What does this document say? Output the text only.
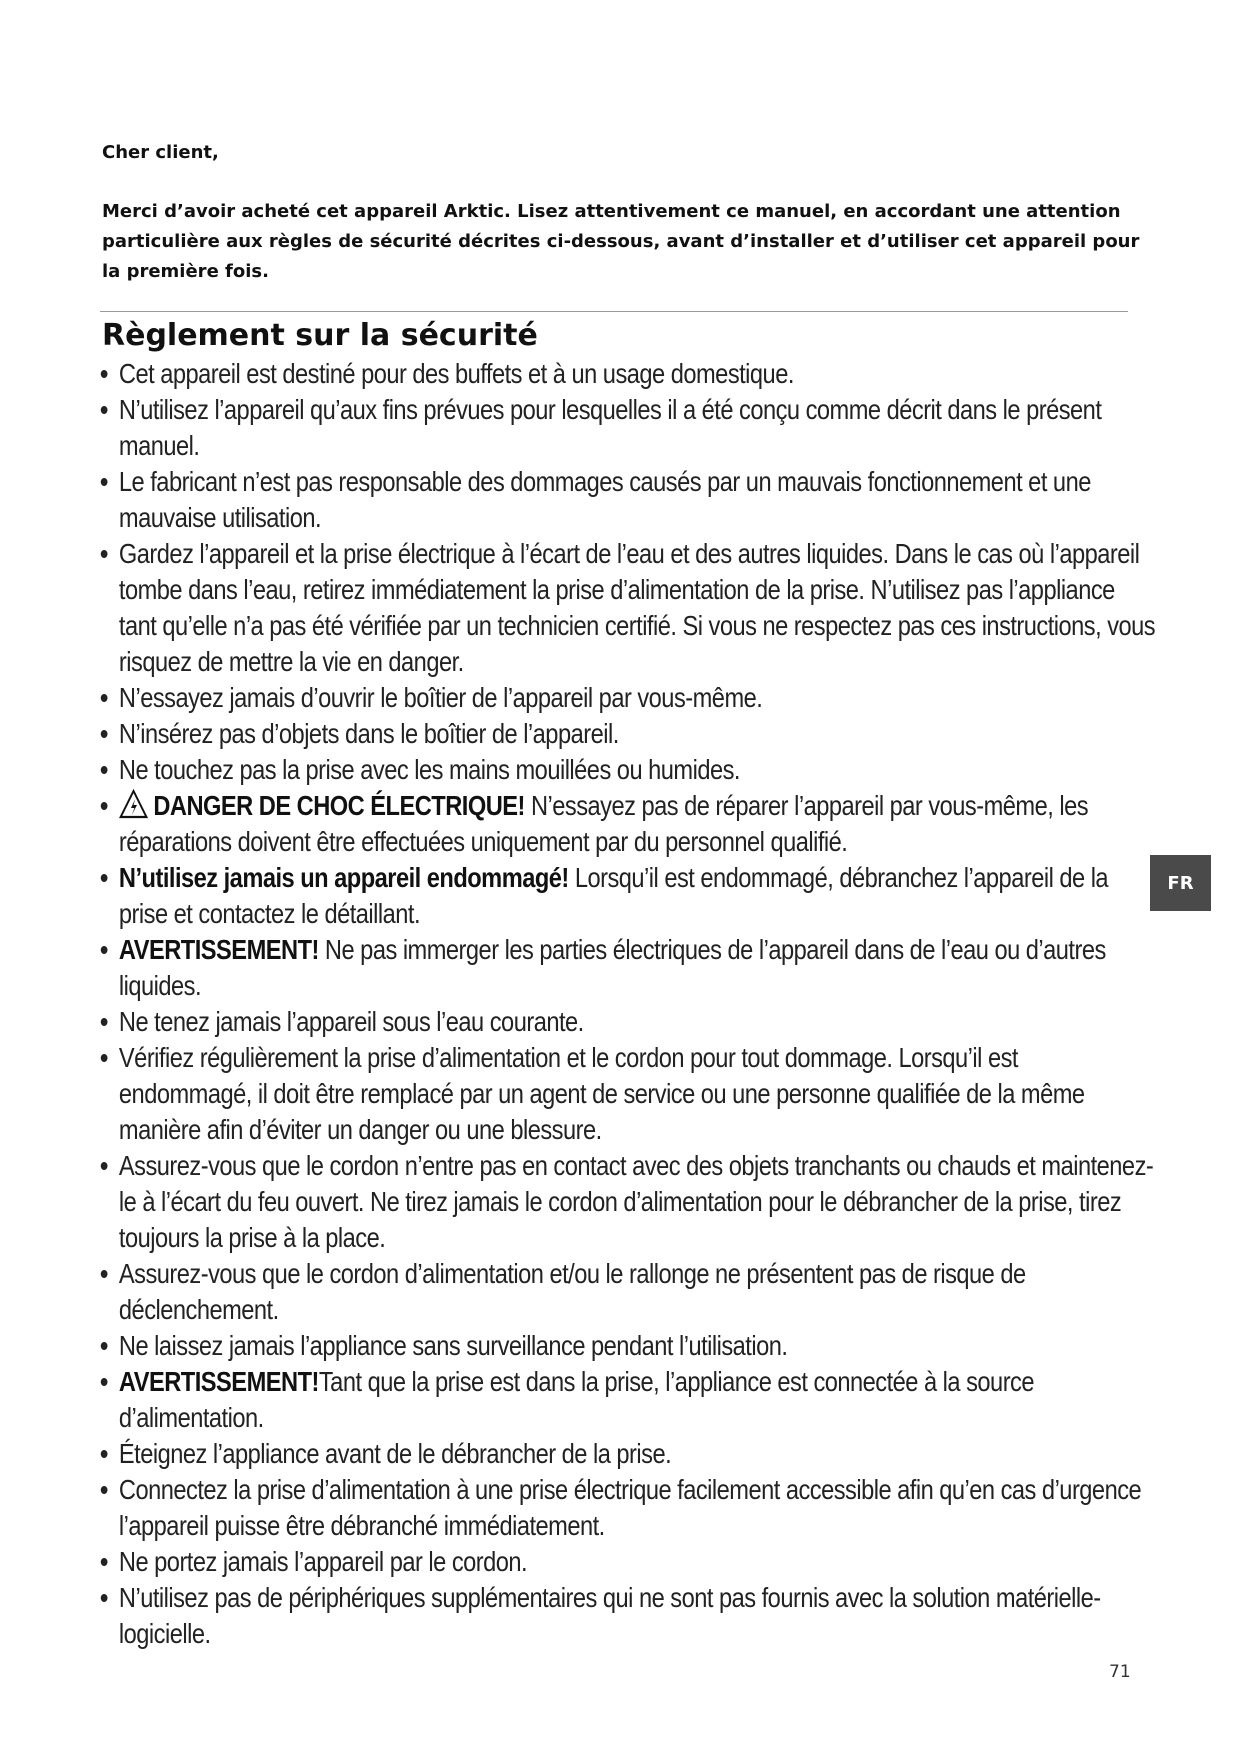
Cher client,
Merci d’avoir acheté cet appareil Arktic. Lisez attentivement ce manuel, en accordant une attention particulière aux règles de sécurité décrites ci-dessous, avant d’installer et d’utiliser cet appareil pour la première fois.
Règlement sur la sécurité
• Cet appareil est destiné pour des buffets et à un usage domestique.
• N’utilisez l’appareil qu’aux fins prévues pour lesquelles il a été conçu comme décrit dans le présent manuel.
• Le fabricant n’est pas responsable des dommages causés par un mauvais fonctionnement et une mauvaise utilisation.
• Gardez l’appareil et la prise électrique à l’écart de l’eau et des autres liquides. Dans le cas où l’appareil tombe dans l’eau, retirez immédiatement la prise d’alimentation de la prise. N’utilisez pas l’appliance tant qu’elle n’a pas été vérifiée par un technicien certifié. Si vous ne respectez pas ces instructions, vous risquez de mettre la vie en danger.
• N’essayez jamais d’ouvrir le boîtier de l’appareil par vous-même.
• N’insérez pas d’objets dans le boîtier de l’appareil.
• Ne touchez pas la prise avec les mains mouillées ou humides.
• DANGER DE CHOC ÉLECTRIQUE! N’essayez pas de réparer l’appareil par vous-même, les réparations doivent être effectuées uniquement par du personnel qualifié.
• N’utilisez jamais un appareil endommagé! Lorsqu’il est endommagé, débranchez l’appareil de la prise et contactez le détaillant.
• AVERTISSEMENT! Ne pas immerger les parties électriques de l’appareil dans de l’eau ou d’autres liquides.
• Ne tenez jamais l’appareil sous l’eau courante.
• Vérifiez régulièrement la prise d’alimentation et le cordon pour tout dommage. Lorsqu’il est endommagé, il doit être remplacé par un agent de service ou une personne qualifiée de la même manière afin d’éviter un danger ou une blessure.
• Assurez-vous que le cordon n’entre pas en contact avec des objets tranchants ou chauds et maintenez-le à l’écart du feu ouvert. Ne tirez jamais le cordon d’alimentation pour le débrancher de la prise, tirez toujours la prise à la place.
• Assurez-vous que le cordon d’alimentation et/ou le rallonge ne présentent pas de risque de déclenchement.
• Ne laissez jamais l’appliance sans surveillance pendant l’utilisation.
• AVERTISSEMENT!Tant que la prise est dans la prise, l’appliance est connectée à la source d’alimentation.
• Éteignez l’appliance avant de le débrancher de la prise.
• Connectez la prise d’alimentation à une prise électrique facilement accessible afin qu’en cas d’urgence l’appareil puisse être débranché immédiatement.
• Ne portez jamais l’appareil par le cordon.
• N’utilisez pas de périphériques supplémentaires qui ne sont pas fournis avec la solution matérielle-logicielle.
FR
71
